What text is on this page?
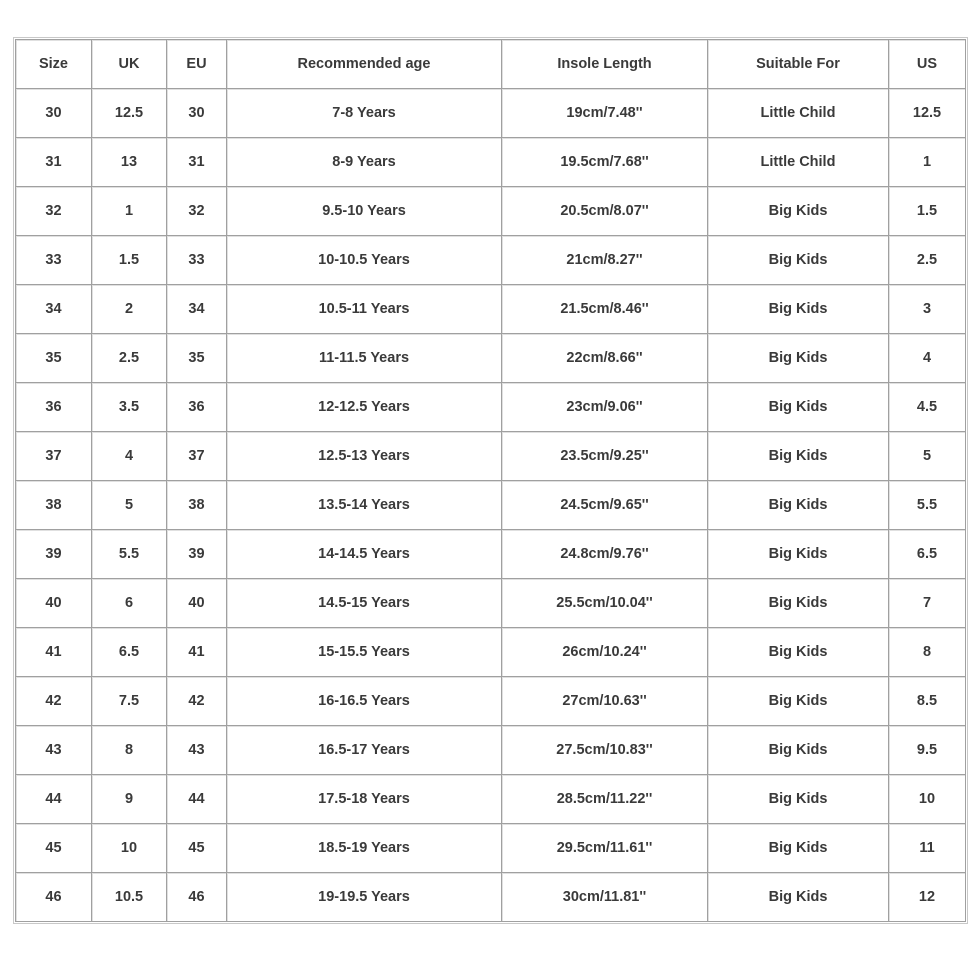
Size	UK	EU	Recommended age	Insole Length	Suitable For	US
30	12.5	30	7-8 Years	19cm/7.48''	Little Child	12.5
31	13	31	8-9 Years	19.5cm/7.68''	Little Child	1
32	1	32	9.5-10 Years	20.5cm/8.07''	Big Kids	1.5
33	1.5	33	10-10.5 Years	21cm/8.27''	Big Kids	2.5
34	2	34	10.5-11 Years	21.5cm/8.46''	Big Kids	3
35	2.5	35	11-11.5 Years	22cm/8.66''	Big Kids	4
36	3.5	36	12-12.5 Years	23cm/9.06''	Big Kids	4.5
37	4	37	12.5-13 Years	23.5cm/9.25''	Big Kids	5
38	5	38	13.5-14 Years	24.5cm/9.65''	Big Kids	5.5
39	5.5	39	14-14.5 Years	24.8cm/9.76''	Big Kids	6.5
40	6	40	14.5-15 Years	25.5cm/10.04''	Big Kids	7
41	6.5	41	15-15.5 Years	26cm/10.24''	Big Kids	8
42	7.5	42	16-16.5 Years	27cm/10.63''	Big Kids	8.5
43	8	43	16.5-17 Years	27.5cm/10.83''	Big Kids	9.5
44	9	44	17.5-18 Years	28.5cm/11.22''	Big Kids	10
45	10	45	18.5-19 Years	29.5cm/11.61''	Big Kids	11
46	10.5	46	19-19.5 Years	30cm/11.81''	Big Kids	12
